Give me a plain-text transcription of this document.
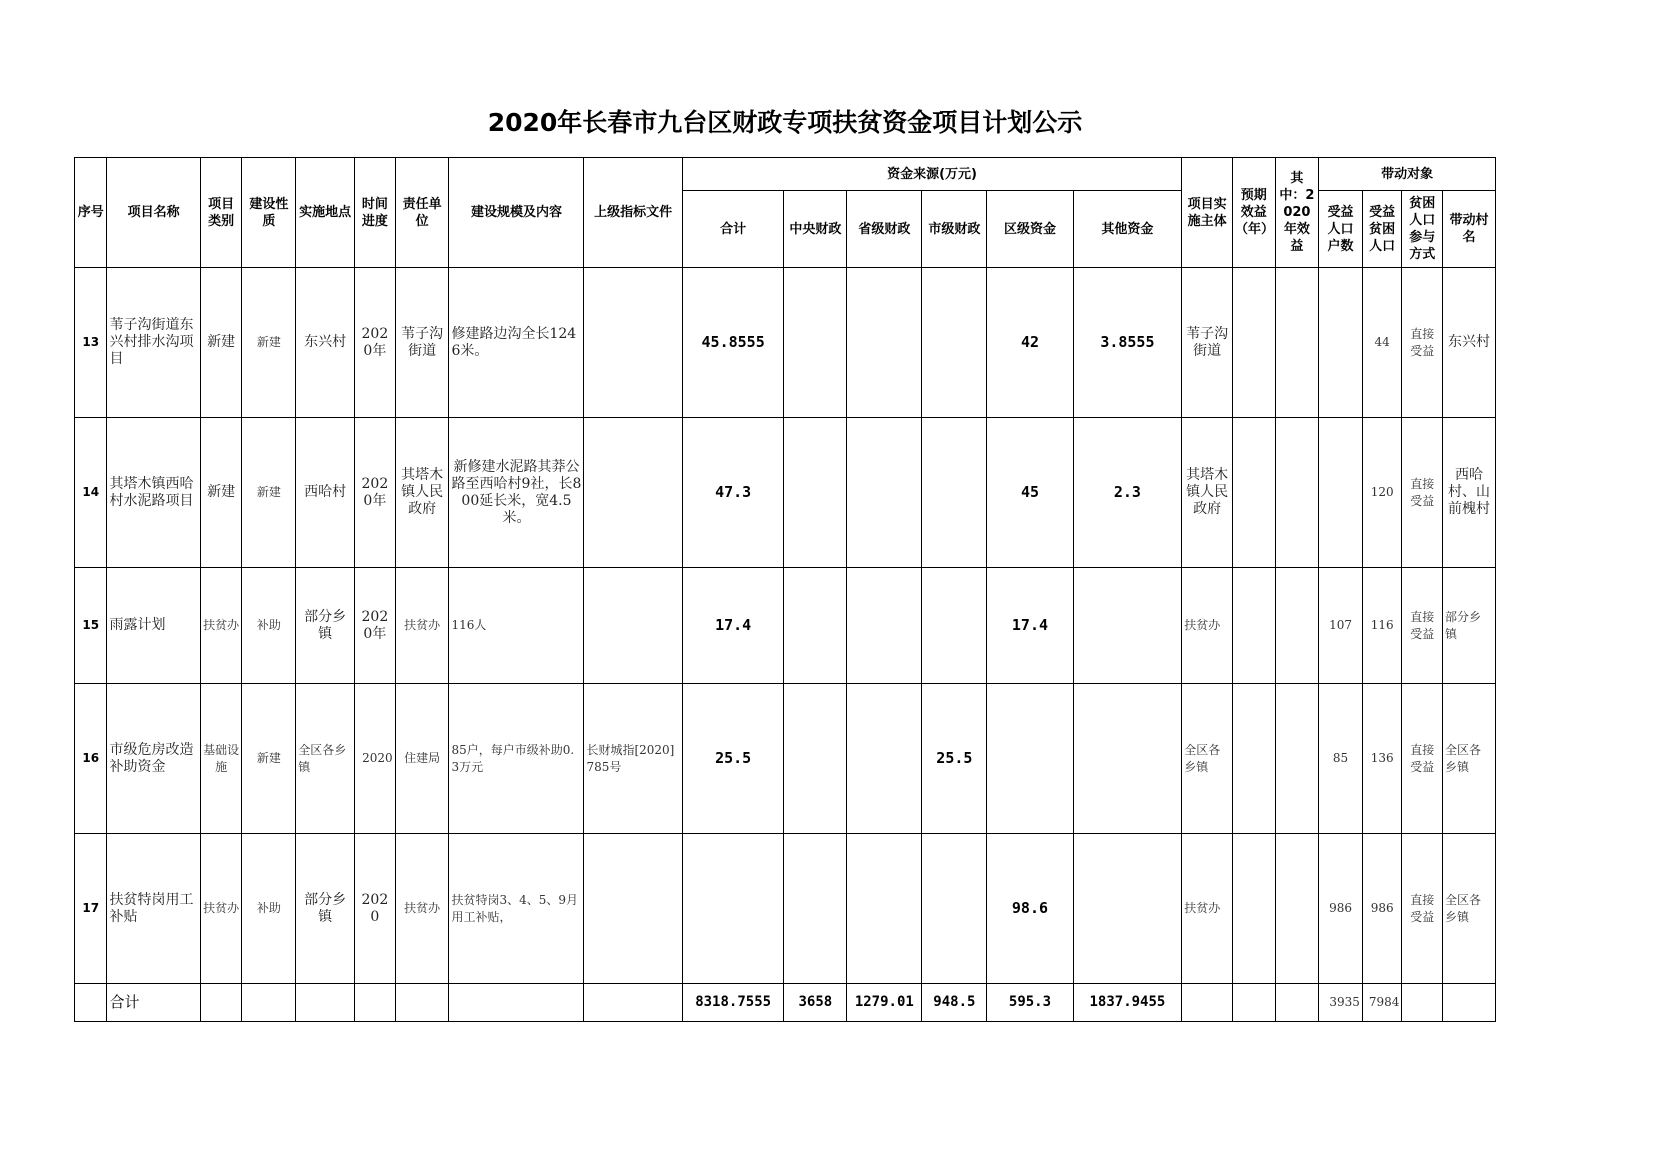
2020年长春市九台区财政专项扶贫资金项目计划公示
序号	项目名称	项目类别	建设性质	实施地点	时间进度	责任单位	建设规模及内容	上级指标文件	资金来源(万元)						项目实施主体	预期效益（年）	其中：2020年效益	带动对象			
									合计	中央财政	省级财政	市级财政	区级资金	其他资金				受益人口户数	受益贫困人口	贫困人口参与方式	带动村名
13	苇子沟街道东兴村排水沟项目	新建	新建	东兴村	2020年	苇子沟街道	修建路边沟全长1246米。		45.8555				42	3.8555	苇子沟街道				44	直接受益	东兴村
14	其塔木镇西哈村水泥路项目	新建	新建	西哈村	2020年	其塔木镇人民政府	新修建水泥路其莽公路至西哈村9社，长800延长米，宽4.5米。		47.3				45	2.3	其塔木镇人民政府				120	直接受益	西哈村、山前槐村
15	雨露计划	扶贫办	补助	部分乡镇	2020年	扶贫办	116人		17.4				17.4		扶贫办			107	116	直接受益	部分乡镇
16	市级危房改造补助资金	基础设施	新建	全区各乡镇	2020	住建局	85户，每户市级补助0.3万元	长财城指[2020]785号	25.5			25.5			全区各乡镇			85	136	直接受益	全区各乡镇
17	扶贫特岗用工补贴	扶贫办	补助	部分乡镇	2020	扶贫办	扶贫特岗3、4、5、9月用工补贴，						98.6		扶贫办			986	986	直接受益	全区各乡镇
	合计								8318.7555	3658	1279.01	948.5	595.3	1837.9455				3935	7984		
